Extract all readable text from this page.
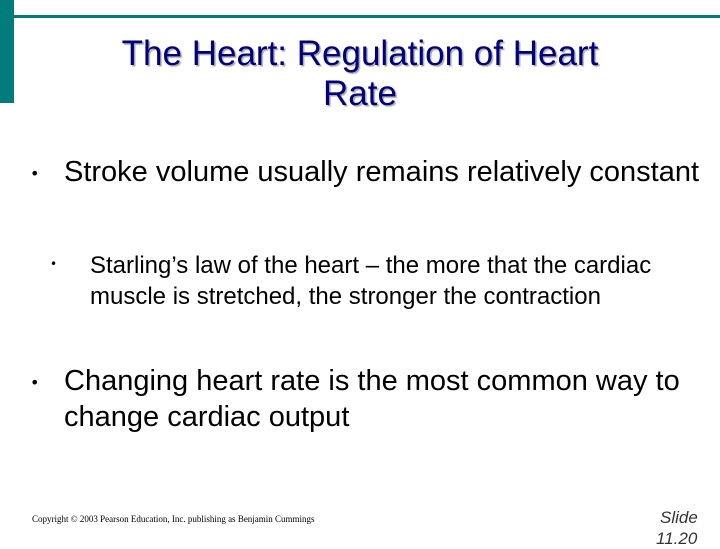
The Heart: Regulation of Heart
Rate
• Stroke volume usually remains relatively constant
•	Starling’s law of the heart – the more that the cardiac muscle is stretched, the stronger the contraction
• Changing heart rate is the most common way to change cardiac output
Copyright © 2003 Pearson Education, Inc. publishing as Benjamin Cummings	Slide
11.20
